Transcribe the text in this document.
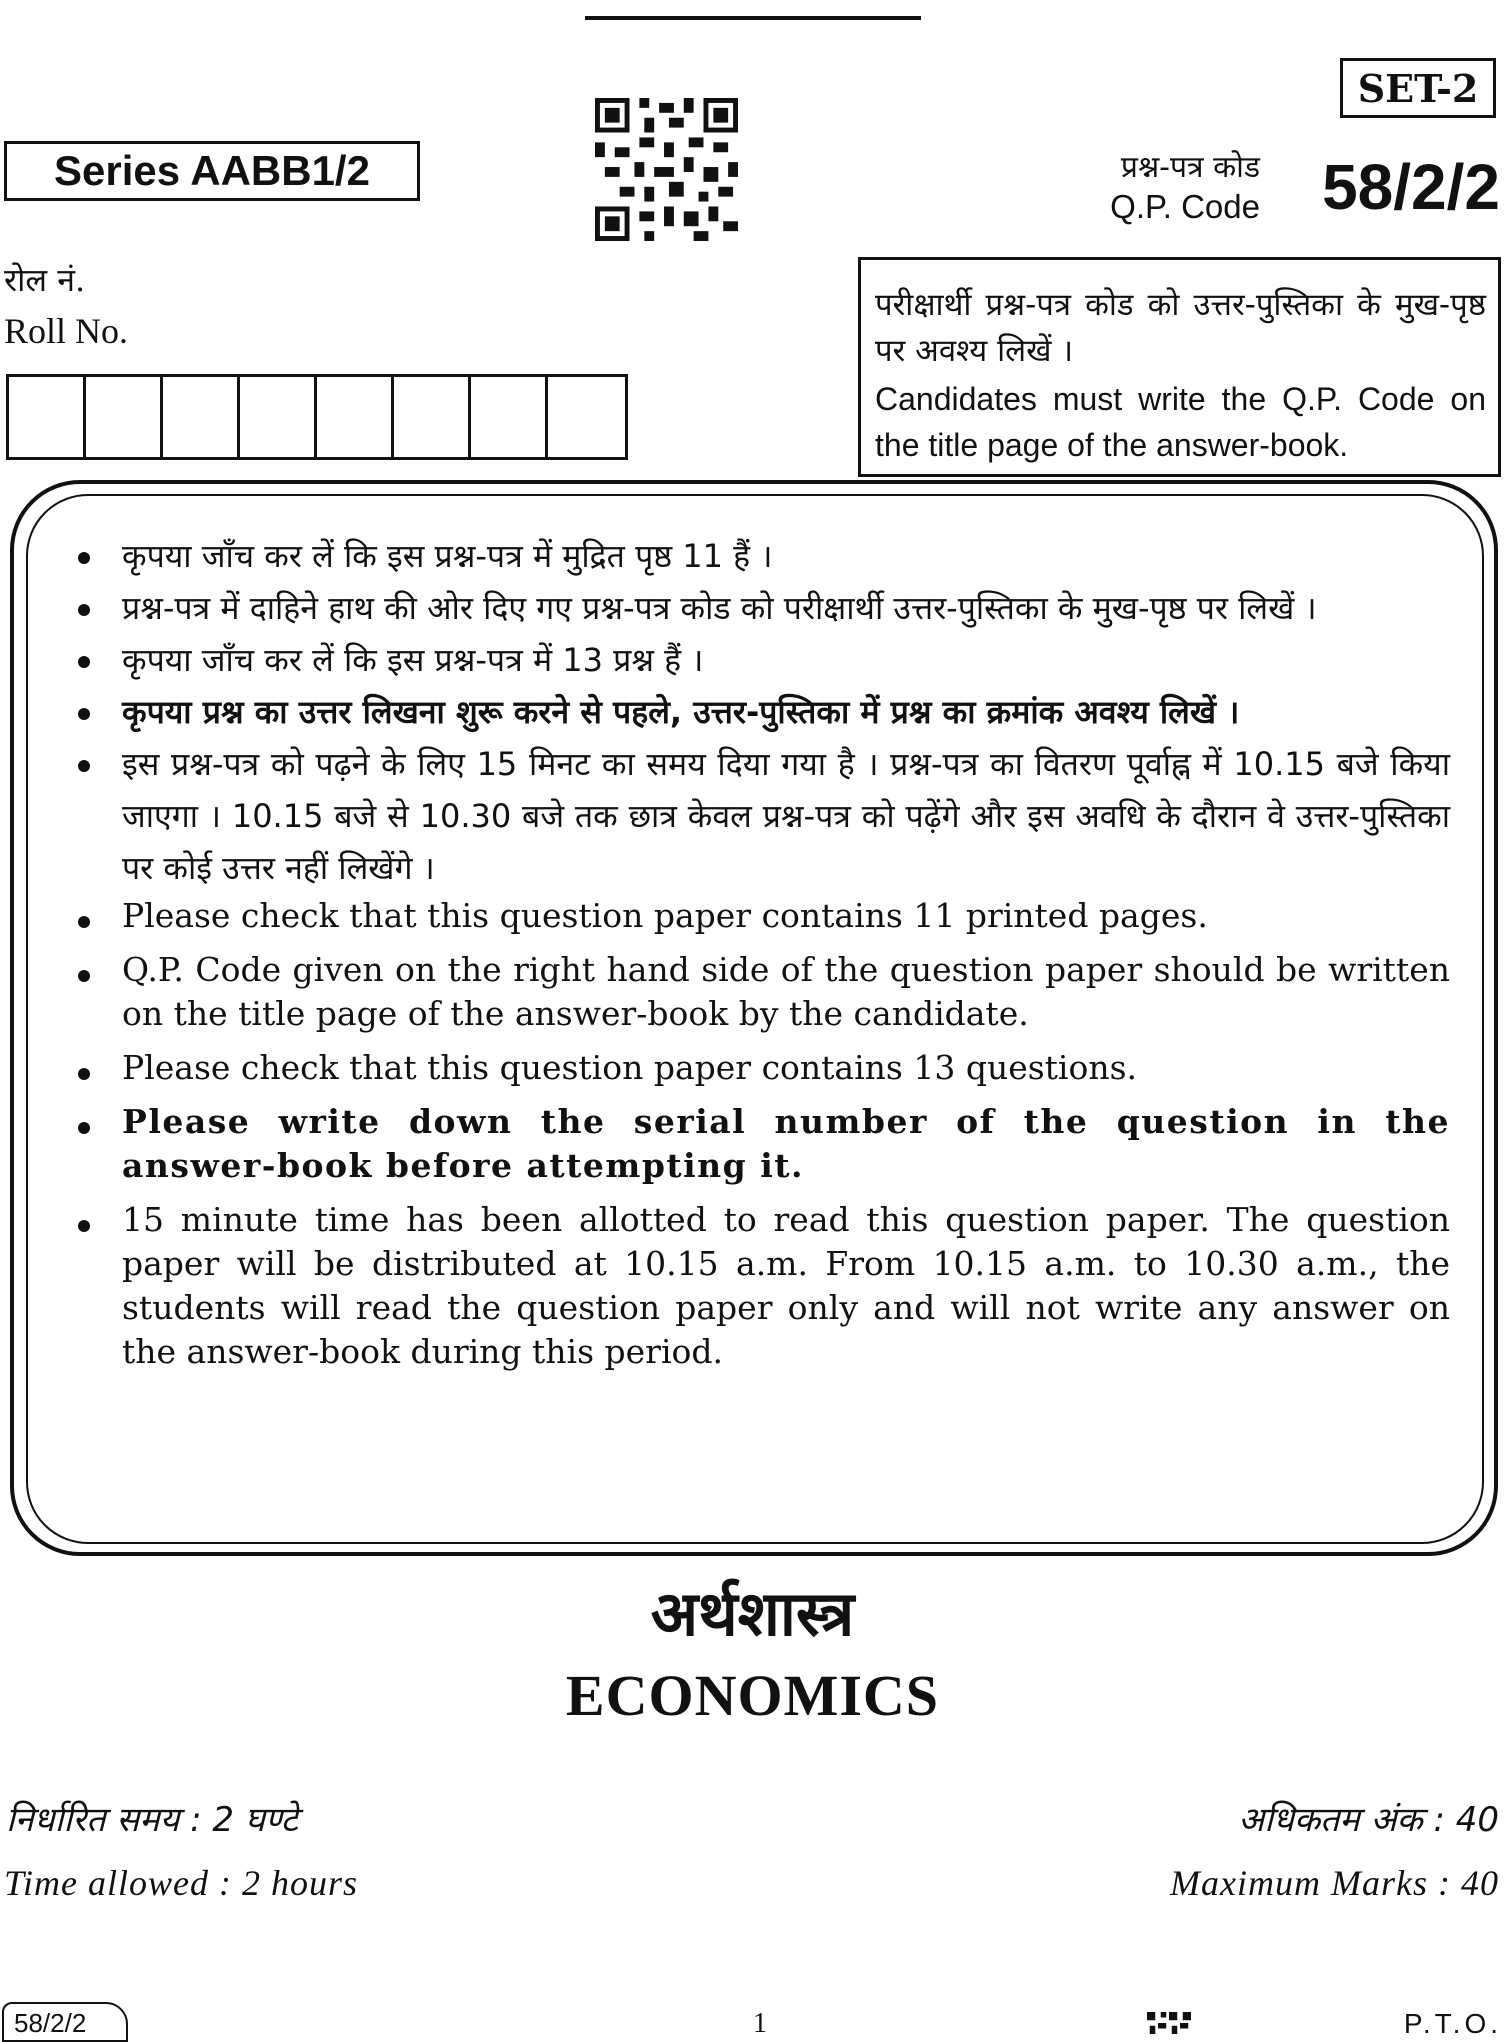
SET-2
Series AABB1/2	प्रश्न-पत्र कोड
Q.P. Code 58/2/2
रोल नं.
Roll No.
परीक्षार्थी प्रश्न-पत्र कोड को उत्तर-पुस्तिका के मुख-पृष्ठ पर अवश्य लिखें ।
Candidates must write the Q.P. Code on the title page of the answer-book.
कृपया जाँच कर लें कि इस प्रश्न-पत्र में मुद्रित पृष्ठ 11 हैं ।
प्रश्न-पत्र में दाहिने हाथ की ओर दिए गए प्रश्न-पत्र कोड को परीक्षार्थी उत्तर-पुस्तिका के मुख-पृष्ठ पर लिखें ।
कृपया जाँच कर लें कि इस प्रश्न-पत्र में 13 प्रश्न हैं ।
कृपया प्रश्न का उत्तर लिखना शुरू करने से पहले, उत्तर-पुस्तिका में प्रश्न का क्रमांक अवश्य लिखें ।
इस प्रश्न-पत्र को पढ़ने के लिए 15 मिनट का समय दिया गया है । प्रश्न-पत्र का वितरण पूर्वाह्न में 10.15 बजे किया जाएगा । 10.15 बजे से 10.30 बजे तक छात्र केवल प्रश्न-पत्र को पढ़ेंगे और इस अवधि के दौरान वे उत्तर-पुस्तिका पर कोई उत्तर नहीं लिखेंगे ।
Please check that this question paper contains 11 printed pages.
Q.P. Code given on the right hand side of the question paper should be written on the title page of the answer-book by the candidate.
Please check that this question paper contains 13 questions.
Please write down the serial number of the question in the answer-book before attempting it.
15 minute time has been allotted to read this question paper. The question paper will be distributed at 10.15 a.m. From 10.15 a.m. to 10.30 a.m., the students will read the question paper only and will not write any answer on the answer-book during this period.
अर्थशास्त्र
ECONOMICS
निर्धारित समय : 2 घण्टे
Time allowed : 2 hours
अधिकतम अंक : 40
Maximum Marks : 40
58/2/2	1	P.T.O.
